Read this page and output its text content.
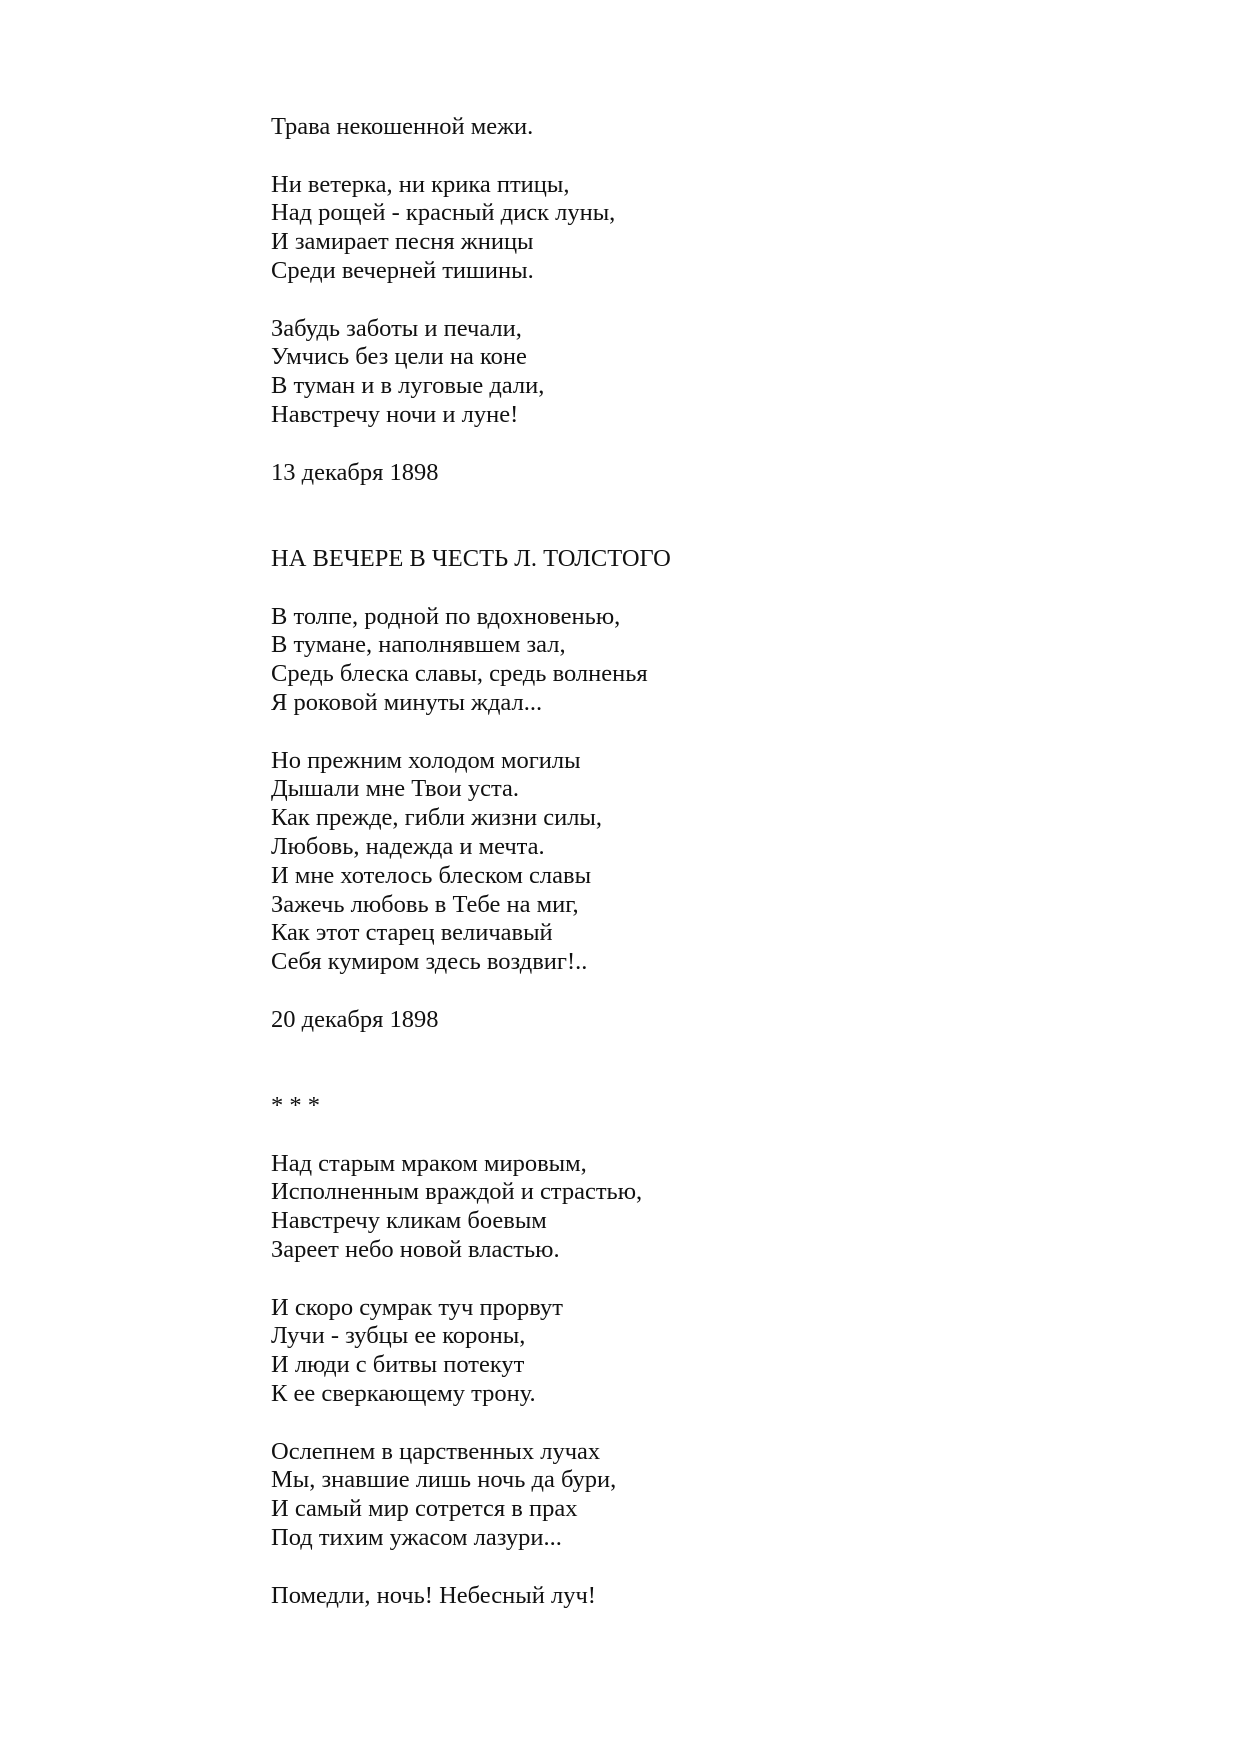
Трава некошенной межи.
Ни ветерка, ни крика птицы,
Над рощей - красный диск луны,
И замирает песня жницы
Среди вечерней тишины.
Забудь заботы и печали,
Умчись без цели на коне
В туман и в луговые дали,
Навстречу ночи и луне!
13 декабря 1898
НА ВЕЧЕРЕ В ЧЕСТЬ Л. ТОЛСТОГО
В толпе, родной по вдохновенью,
В тумане, наполнявшем зал,
Средь блеска славы, средь волненья
Я роковой минуты ждал...
Но прежним холодом могилы
Дышали мне Твои уста.
Как прежде, гибли жизни силы,
Любовь, надежда и мечта.
И мне хотелось блеском славы
Зажечь любовь в Тебе на миг,
Как этот старец величавый
Себя кумиром здесь воздвиг!..
20 декабря 1898
* * *
Над старым мраком мировым,
Исполненным враждой и страстью,
Навстречу кликам боевым
Зареет небо новой властью.
И скоро сумрак туч прорвут
Лучи - зубцы ее короны,
И люди с битвы потекут
К ее сверкающему трону.
Ослепнем в царственных лучах
Мы, знавшие лишь ночь да бури,
И самый мир сотрется в прах
Под тихим ужасом лазури...
Помедли, ночь! Небесный луч!
